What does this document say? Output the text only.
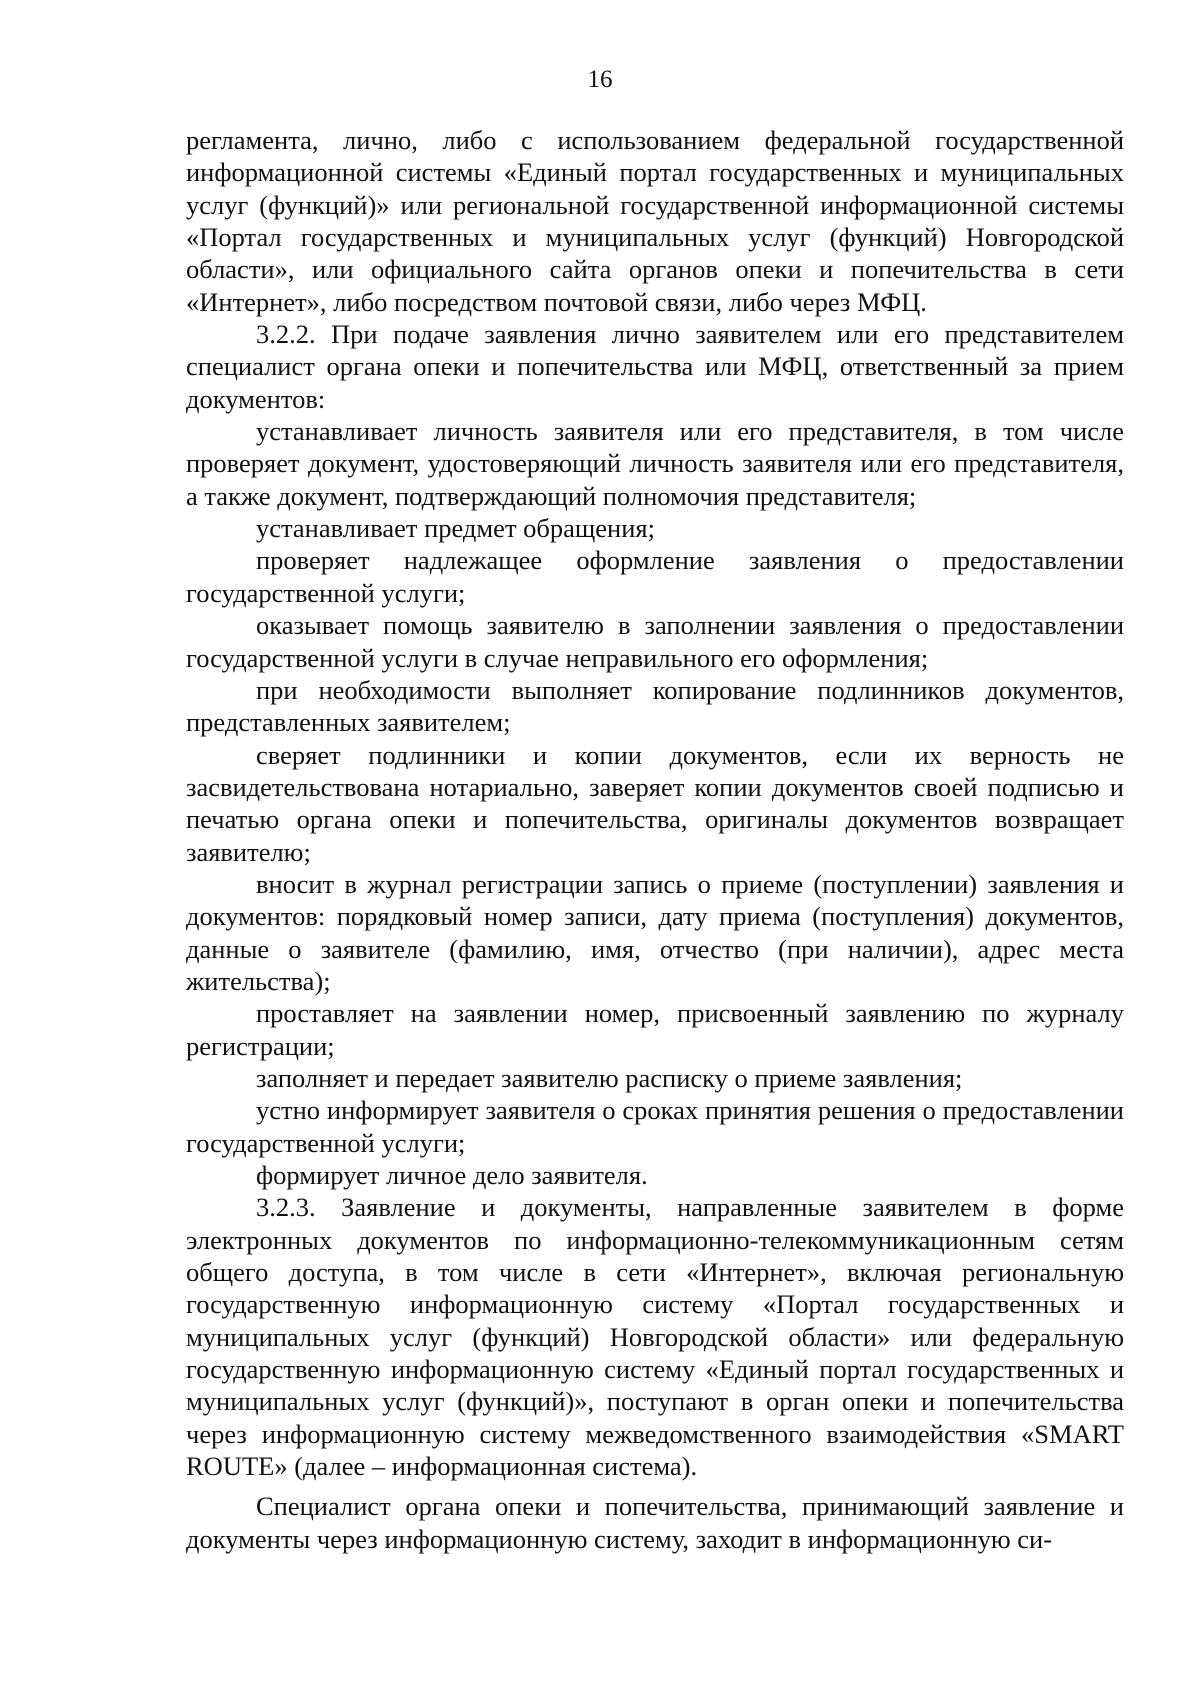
16

регламента, лично, либо с использованием федеральной государственной информационной системы «Единый портал государственных и муниципальных услуг (функций)» или региональной государственной информационной системы «Портал государственных и муниципальных услуг (функций) Новгородской области», или официального сайта органов опеки и попечительства в сети «Интернет», либо посредством почтовой связи, либо через МФЦ.

3.2.2. При подаче заявления лично заявителем или его представителем специалист органа опеки и попечительства или МФЦ, ответственный за прием документов:

устанавливает личность заявителя или его представителя, в том числе проверяет документ, удостоверяющий личность заявителя или его представителя, а также документ, подтверждающий полномочия представителя;

устанавливает предмет обращения;

проверяет надлежащее оформление заявления о предоставлении государственной услуги;

оказывает помощь заявителю в заполнении заявления о предоставлении государственной услуги в случае неправильного его оформления;

при необходимости выполняет копирование подлинников документов, представленных заявителем;

сверяет подлинники и копии документов, если их верность не засвидетельствована нотариально, заверяет копии документов своей подписью и печатью органа опеки и попечительства, оригиналы документов возвращает заявителю;

вносит в журнал регистрации запись о приеме (поступлении) заявления и документов: порядковый номер записи, дату приема (поступления) документов, данные о заявителе (фамилию, имя, отчество (при наличии), адрес места жительства);

проставляет на заявлении номер, присвоенный заявлению по журналу регистрации;

заполняет и передает заявителю расписку о приеме заявления;

устно информирует заявителя о сроках принятия решения о предоставлении государственной услуги;

формирует личное дело заявителя.

3.2.3. Заявление и документы, направленные заявителем в форме электронных документов по информационно-телекоммуникационным сетям общего доступа, в том числе в сети «Интернет», включая региональную государственную информационную систему «Портал государственных и муниципальных услуг (функций) Новгородской области» или федеральную государственную информационную систему «Единый портал государственных и муниципальных услуг (функций)», поступают в орган опеки и попечительства через информационную систему межведомственного взаимодействия «SMART ROUTE» (далее – информационная система).

Специалист органа опеки и попечительства, принимающий заявление и документы через информационную систему, заходит в информационную си-
